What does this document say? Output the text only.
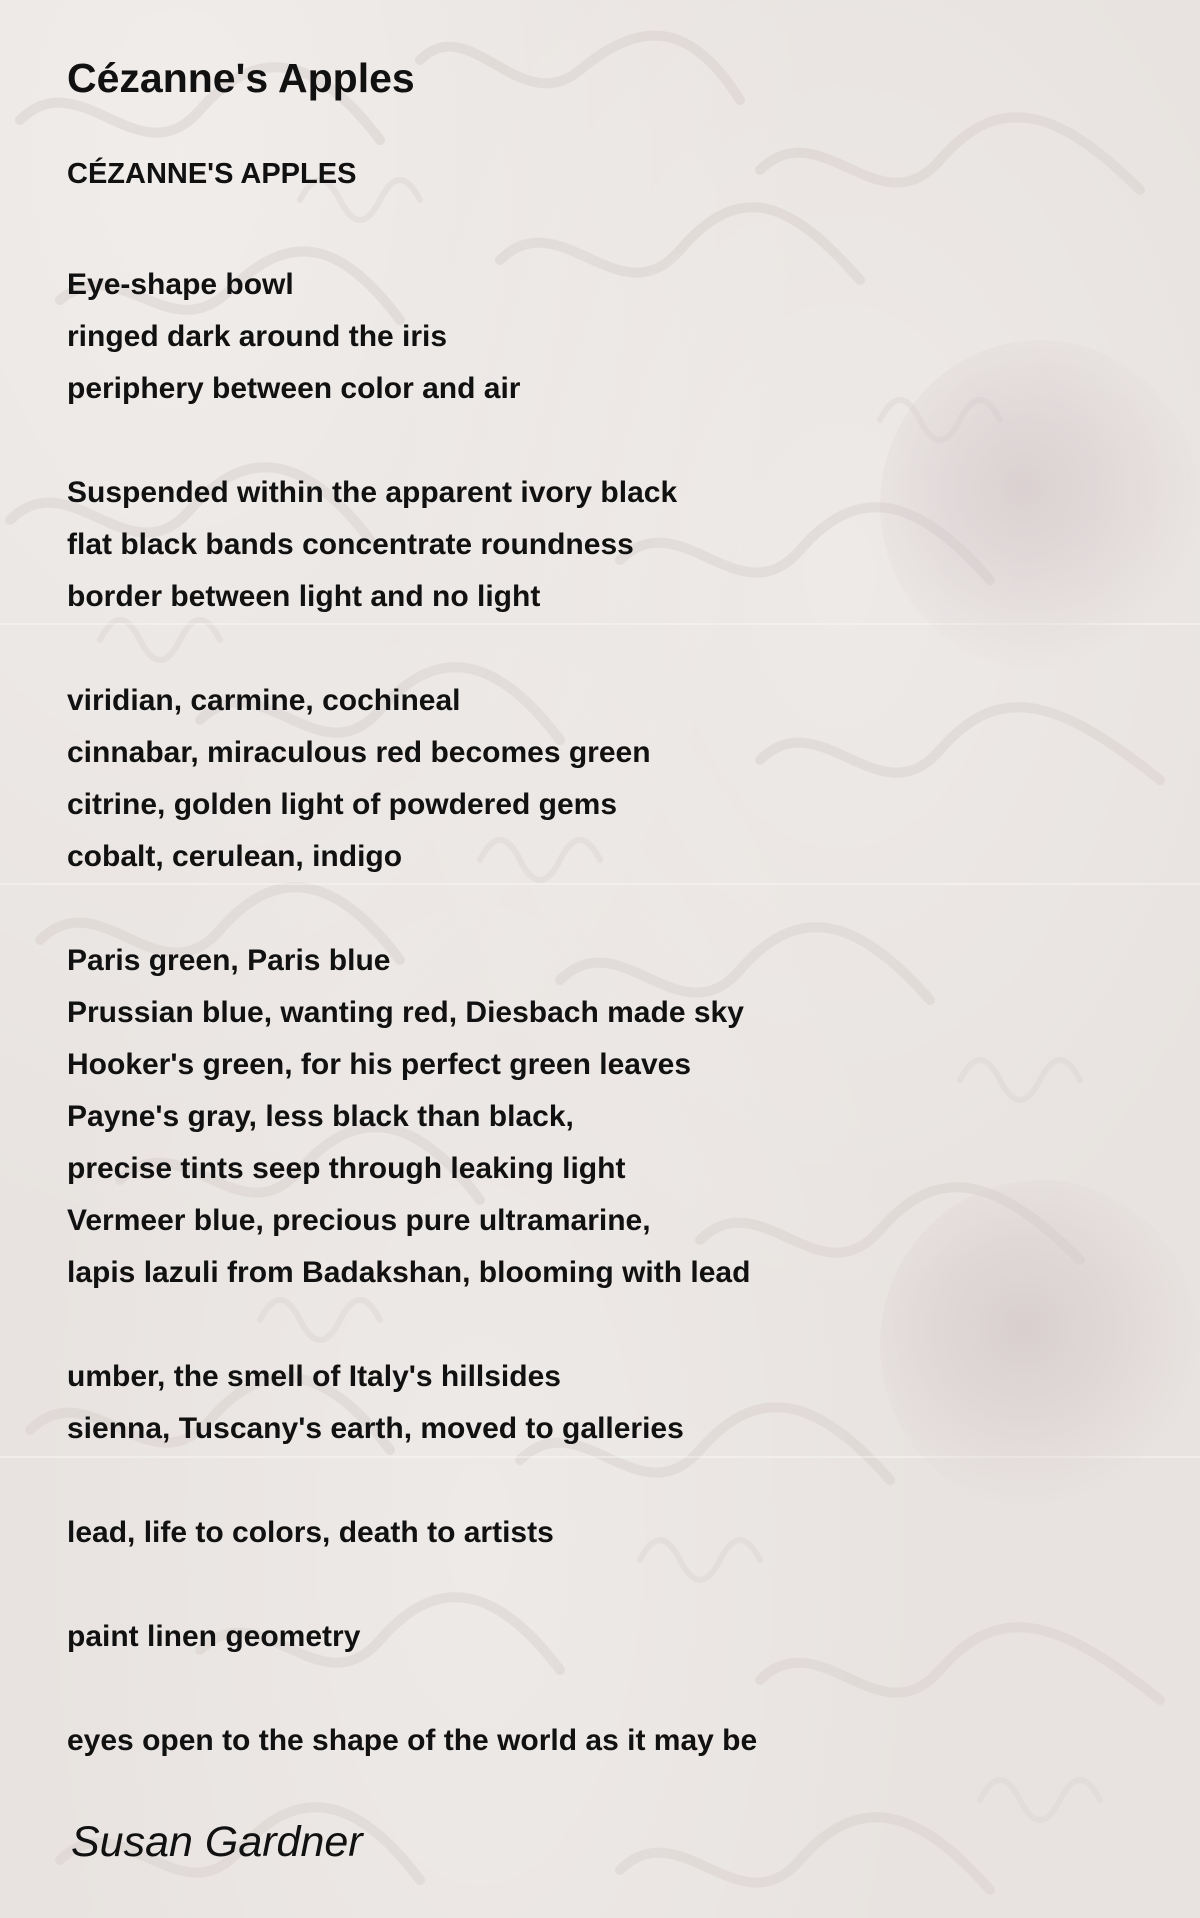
Cézanne's Apples
CÉZANNE'S APPLES
Eye-shape bowl
ringed dark around the iris
periphery between color and air
Suspended within the apparent ivory black
flat black bands concentrate roundness
border between light and no light
viridian, carmine, cochineal
cinnabar, miraculous red becomes green
citrine, golden light of powdered gems
cobalt, cerulean, indigo
Paris green, Paris blue
Prussian blue, wanting red, Diesbach made sky
Hooker's green, for his perfect green leaves
Payne's gray, less black than black,
precise tints seep through leaking light
Vermeer blue, precious pure ultramarine,
lapis lazuli from Badakshan, blooming with lead
umber, the smell of Italy's hillsides
sienna, Tuscany's earth, moved to galleries
lead, life to colors, death to artists
paint linen geometry
eyes open to the shape of the world as it may be
Susan Gardner
